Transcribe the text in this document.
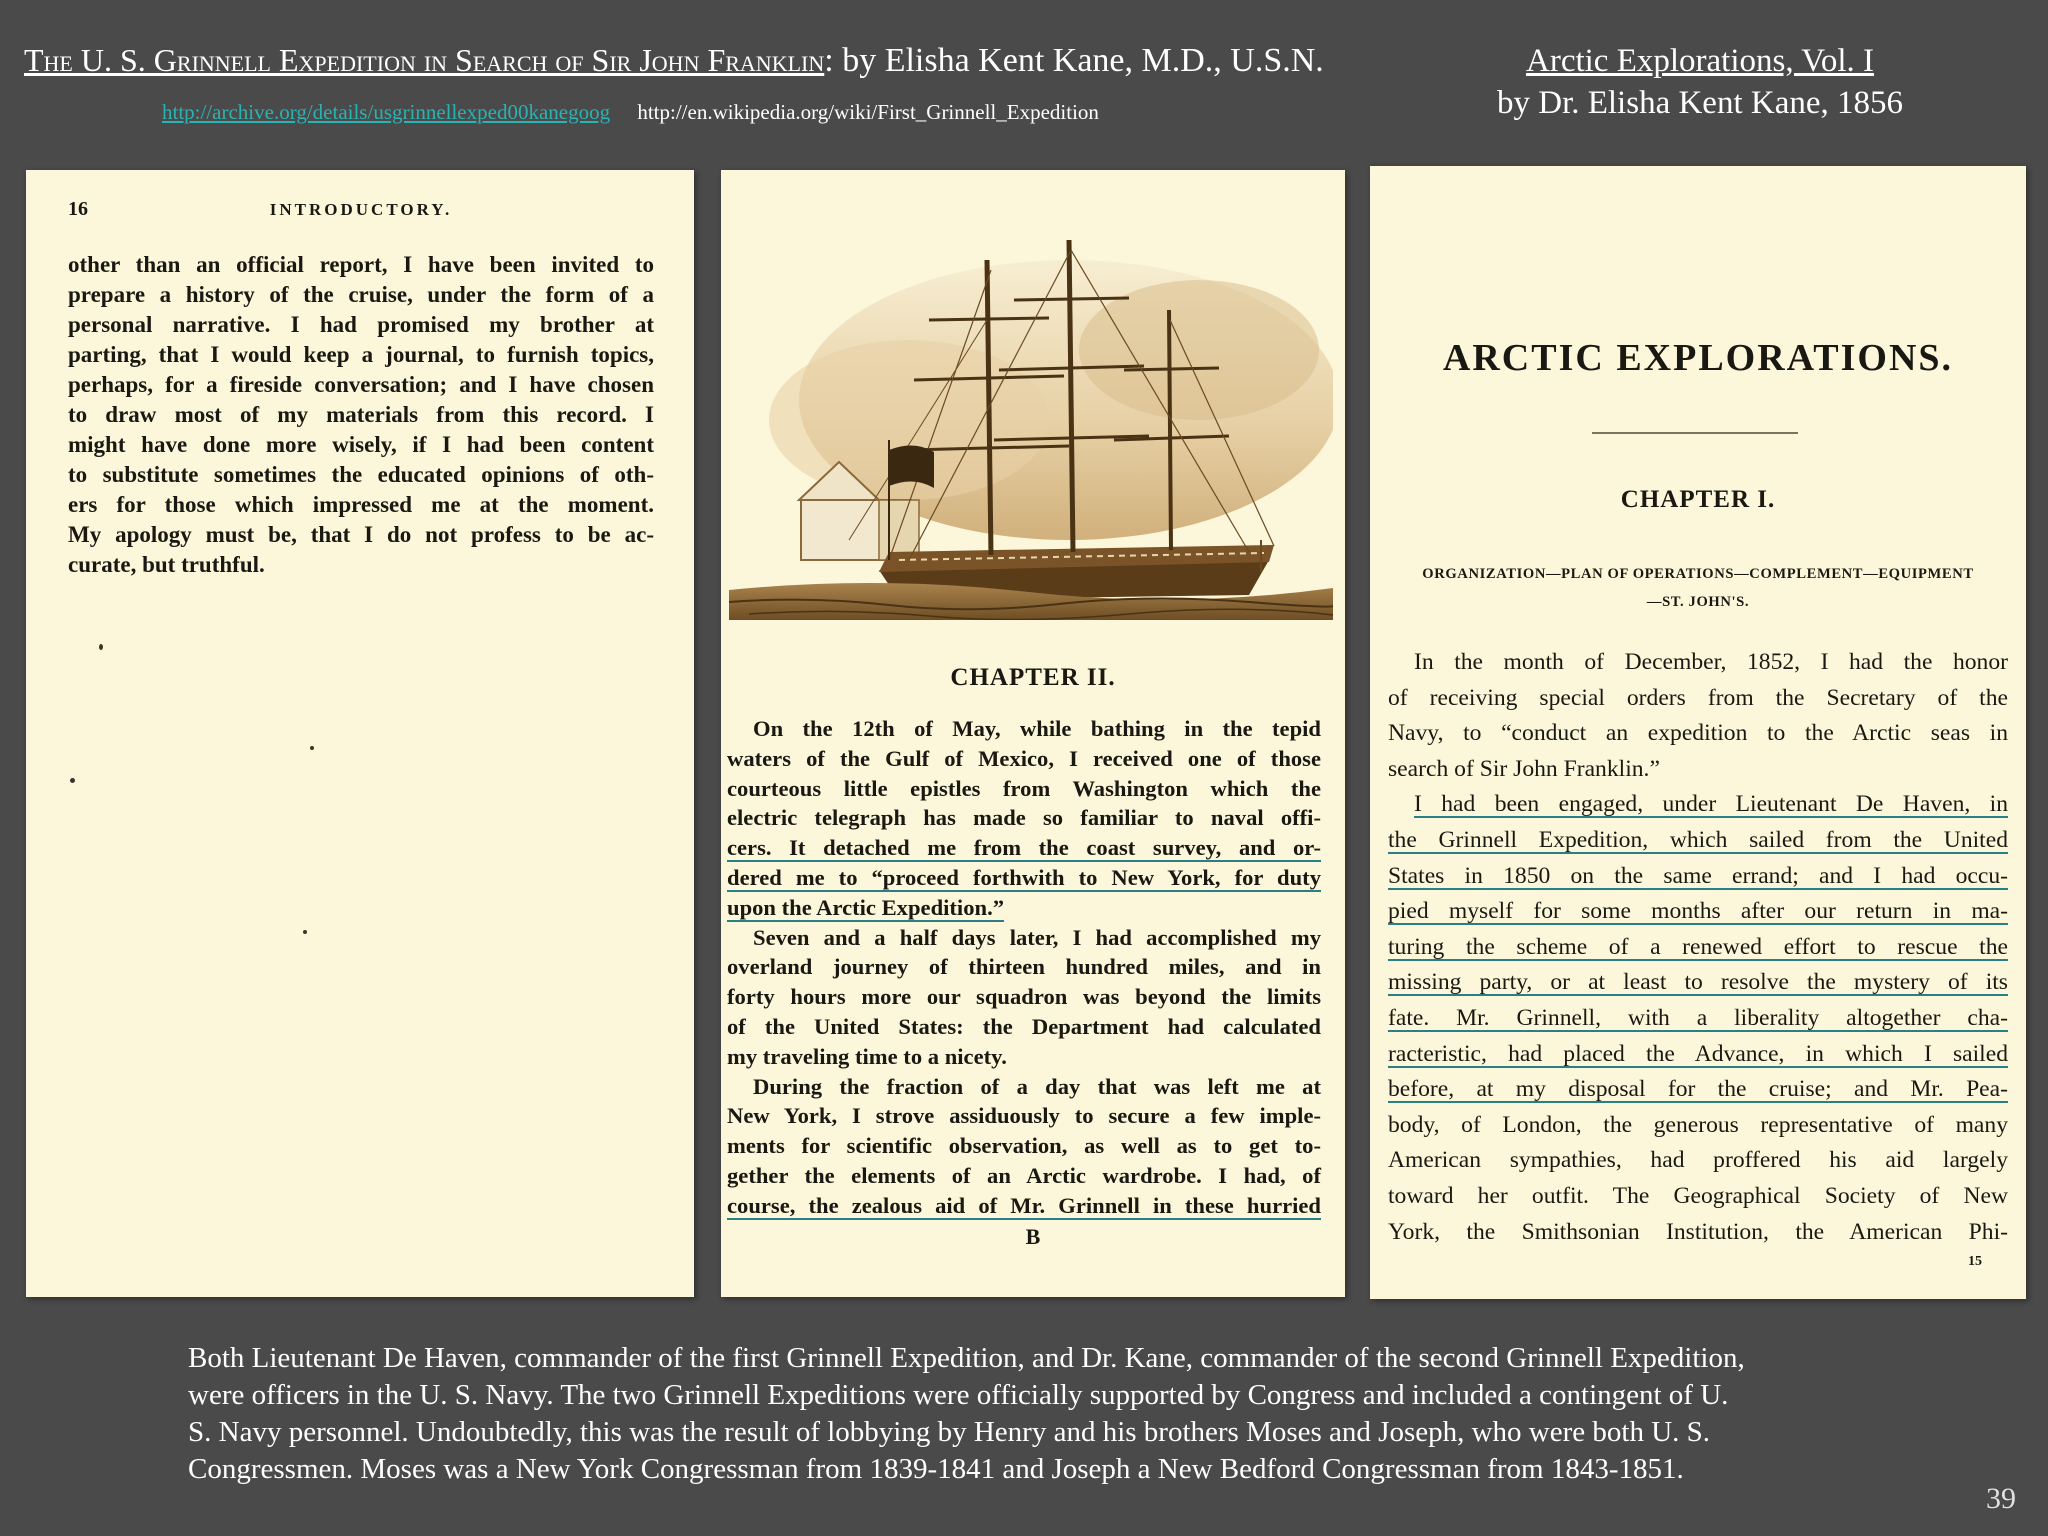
The U. S. Grinnell Expedition in Search of Sir John Franklin: by Elisha Kent Kane, M.D., U.S.N.
http://archive.org/details/usgrinnellexped00kanegoog http://en.wikipedia.org/wiki/First_Grinnell_Expedition
Arctic Explorations, Vol. I
by Dr. Elisha Kent Kane, 1856
16	INTRODUCTORY.
other than an official report, I have been invited to
prepare a history of the cruise, under the form of a
personal narrative. I had promised my brother at
parting, that I would keep a journal, to furnish topics,
perhaps, for a fireside conversation; and I have chosen
to draw most of my materials from this record. I
might have done more wisely, if I had been content
to substitute sometimes the educated opinions of oth-
ers for those which impressed me at the moment.
My apology must be, that I do not profess to be ac-
curate, but truthful.
CHAPTER II.
On the 12th of May, while bathing in the tepid
waters of the Gulf of Mexico, I received one of those
courteous little epistles from Washington which the
electric telegraph has made so familiar to naval offi-
cers. It detached me from the coast survey, and or-
dered me to “proceed forthwith to New York, for duty
upon the Arctic Expedition.”
Seven and a half days later, I had accomplished my
overland journey of thirteen hundred miles, and in
forty hours more our squadron was beyond the limits
of the United States: the Department had calculated
my traveling time to a nicety.
During the fraction of a day that was left me at
New York, I strove assiduously to secure a few imple-
ments for scientific observation, as well as to get to-
gether the elements of an Arctic wardrobe. I had, of
course, the zealous aid of Mr. Grinnell in these hurried
B
ARCTIC EXPLORATIONS.
CHAPTER I.
ORGANIZATION—PLAN OF OPERATIONS—COMPLEMENT—EQUIPMENT
—ST. JOHN'S.
In the month of December, 1852, I had the honor
of receiving special orders from the Secretary of the
Navy, to “conduct an expedition to the Arctic seas in
search of Sir John Franklin.”
I had been engaged, under Lieutenant De Haven, in
the Grinnell Expedition, which sailed from the United
States in 1850 on the same errand; and I had occu-
pied myself for some months after our return in ma-
turing the scheme of a renewed effort to rescue the
missing party, or at least to resolve the mystery of its
fate. Mr. Grinnell, with a liberality altogether cha-
racteristic, had placed the Advance, in which I sailed
before, at my disposal for the cruise; and Mr. Pea-
body, of London, the generous representative of many
American sympathies, had proffered his aid largely
toward her outfit. The Geographical Society of New
York, the Smithsonian Institution, the American Phi-
15
Both Lieutenant De Haven, commander of the first Grinnell Expedition, and Dr. Kane, commander of the second Grinnell Expedition,
were officers in the U. S. Navy. The two Grinnell Expeditions were officially supported by Congress and included a contingent of U.
S. Navy personnel. Undoubtedly, this was the result of lobbying by Henry and his brothers Moses and Joseph, who were both U. S.
Congressmen. Moses was a New York Congressman from 1839-1841 and Joseph a New Bedford Congressman from 1843-1851.
39
